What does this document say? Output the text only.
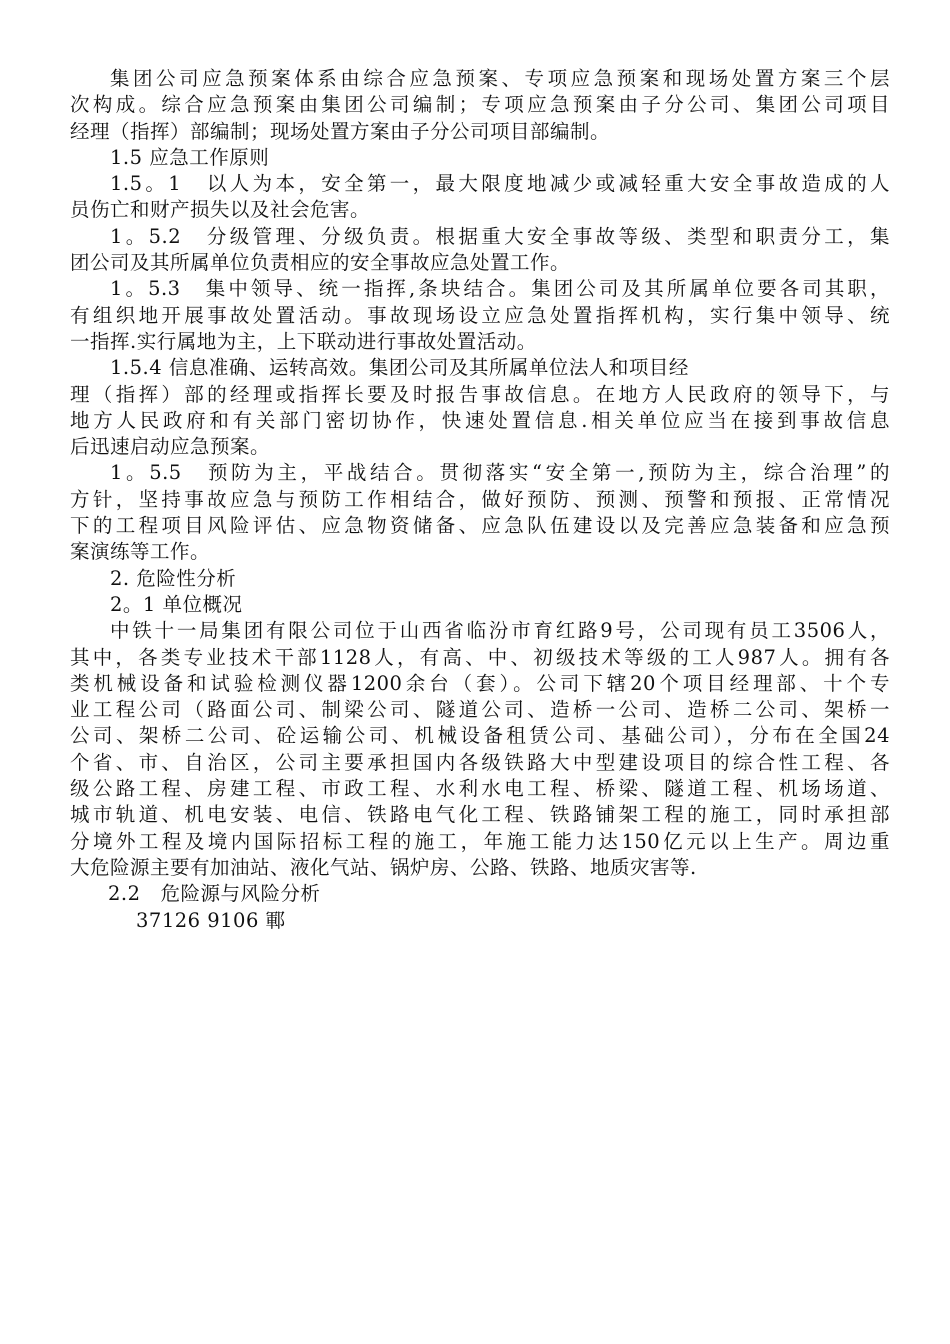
集团公司应急预案体系由综合应急预案、专项应急预案和现场处置方案三个层
次构成。综合应急预案由集团公司编制；专项应急预案由子分公司、集团公司项目
经理（指挥）部编制；现场处置方案由子分公司项目部编制。
1.5 应急工作原则
1.5。1　以人为本，安全第一，最大限度地减少或减轻重大安全事故造成的人
员伤亡和财产损失以及社会危害。
1。5.2　分级管理、分级负责。根据重大安全事故等级、类型和职责分工，集
团公司及其所属单位负责相应的安全事故应急处置工作。
1。5.3　集中领导、统一指挥,条块结合。集团公司及其所属单位要各司其职，
有组织地开展事故处置活动。事故现场设立应急处置指挥机构，实行集中领导、统
一指挥.实行属地为主，上下联动进行事故处置活动。
1.5.4 信息准确、运转高效。集团公司及其所属单位法人和项目经
理（指挥）部的经理或指挥长要及时报告事故信息。在地方人民政府的领导下，与
地方人民政府和有关部门密切协作，快速处置信息.相关单位应当在接到事故信息
后迅速启动应急预案。
1。5.5　预防为主，平战结合。贯彻落实“安全第一,预防为主，综合治理”的
方针，坚持事故应急与预防工作相结合，做好预防、预测、预警和预报、正常情况
下的工程项目风险评估、应急物资储备、应急队伍建设以及完善应急装备和应急预
案演练等工作。
2. 危险性分析
2。1 单位概况
中铁十一局集团有限公司位于山西省临汾市育红路9号，公司现有员工3506人，
其中，各类专业技术干部1128人，有高、中、初级技术等级的工人987人。拥有各
类机械设备和试验检测仪器1200余台（套）。公司下辖20个项目经理部、十个专
业工程公司（路面公司、制梁公司、隧道公司、造桥一公司、造桥二公司、架桥一
公司、架桥二公司、砼运输公司、机械设备租赁公司、基础公司），分布在全国24
个省、市、自治区，公司主要承担国内各级铁路大中型建设项目的综合性工程、各
级公路工程、房建工程、市政工程、水利水电工程、桥梁、隧道工程、机场场道、
城市轨道、机电安装、电信、铁路电气化工程、铁路铺架工程的施工，同时承担部
分境外工程及境内国际招标工程的施工，年施工能力达150亿元以上生产。周边重
大危险源主要有加油站、液化气站、锅炉房、公路、铁路、地质灾害等.
2.2　危险源与风险分析
37126 9106 鄆
